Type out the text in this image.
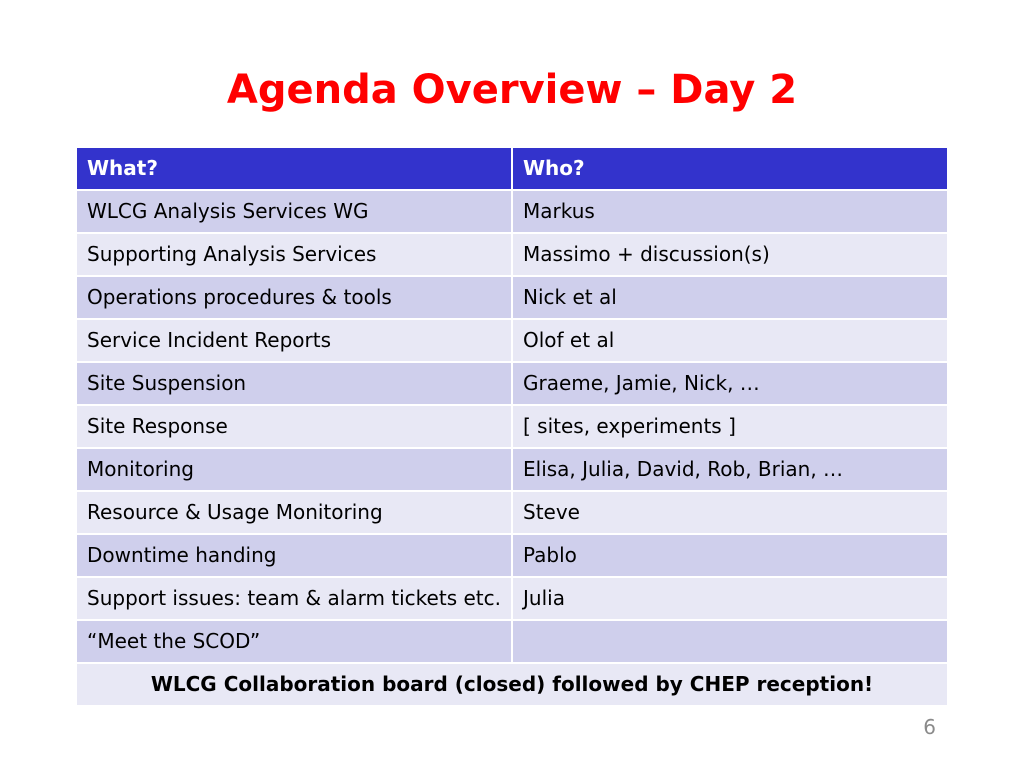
Agenda Overview – Day 2
What?	Who?
WLCG Analysis Services WG	Markus
Supporting Analysis Services	Massimo + discussion(s)
Operations procedures & tools	Nick et al
Service Incident Reports	Olof et al
Site Suspension	Graeme, Jamie, Nick, …
Site Response	[ sites, experiments ]
Monitoring	Elisa, Julia, David, Rob, Brian, …
Resource & Usage Monitoring	Steve
Downtime handing	Pablo
Support issues: team & alarm tickets etc.	Julia
“Meet the SCOD”	
WLCG Collaboration board (closed) followed by CHEP reception!	
6
